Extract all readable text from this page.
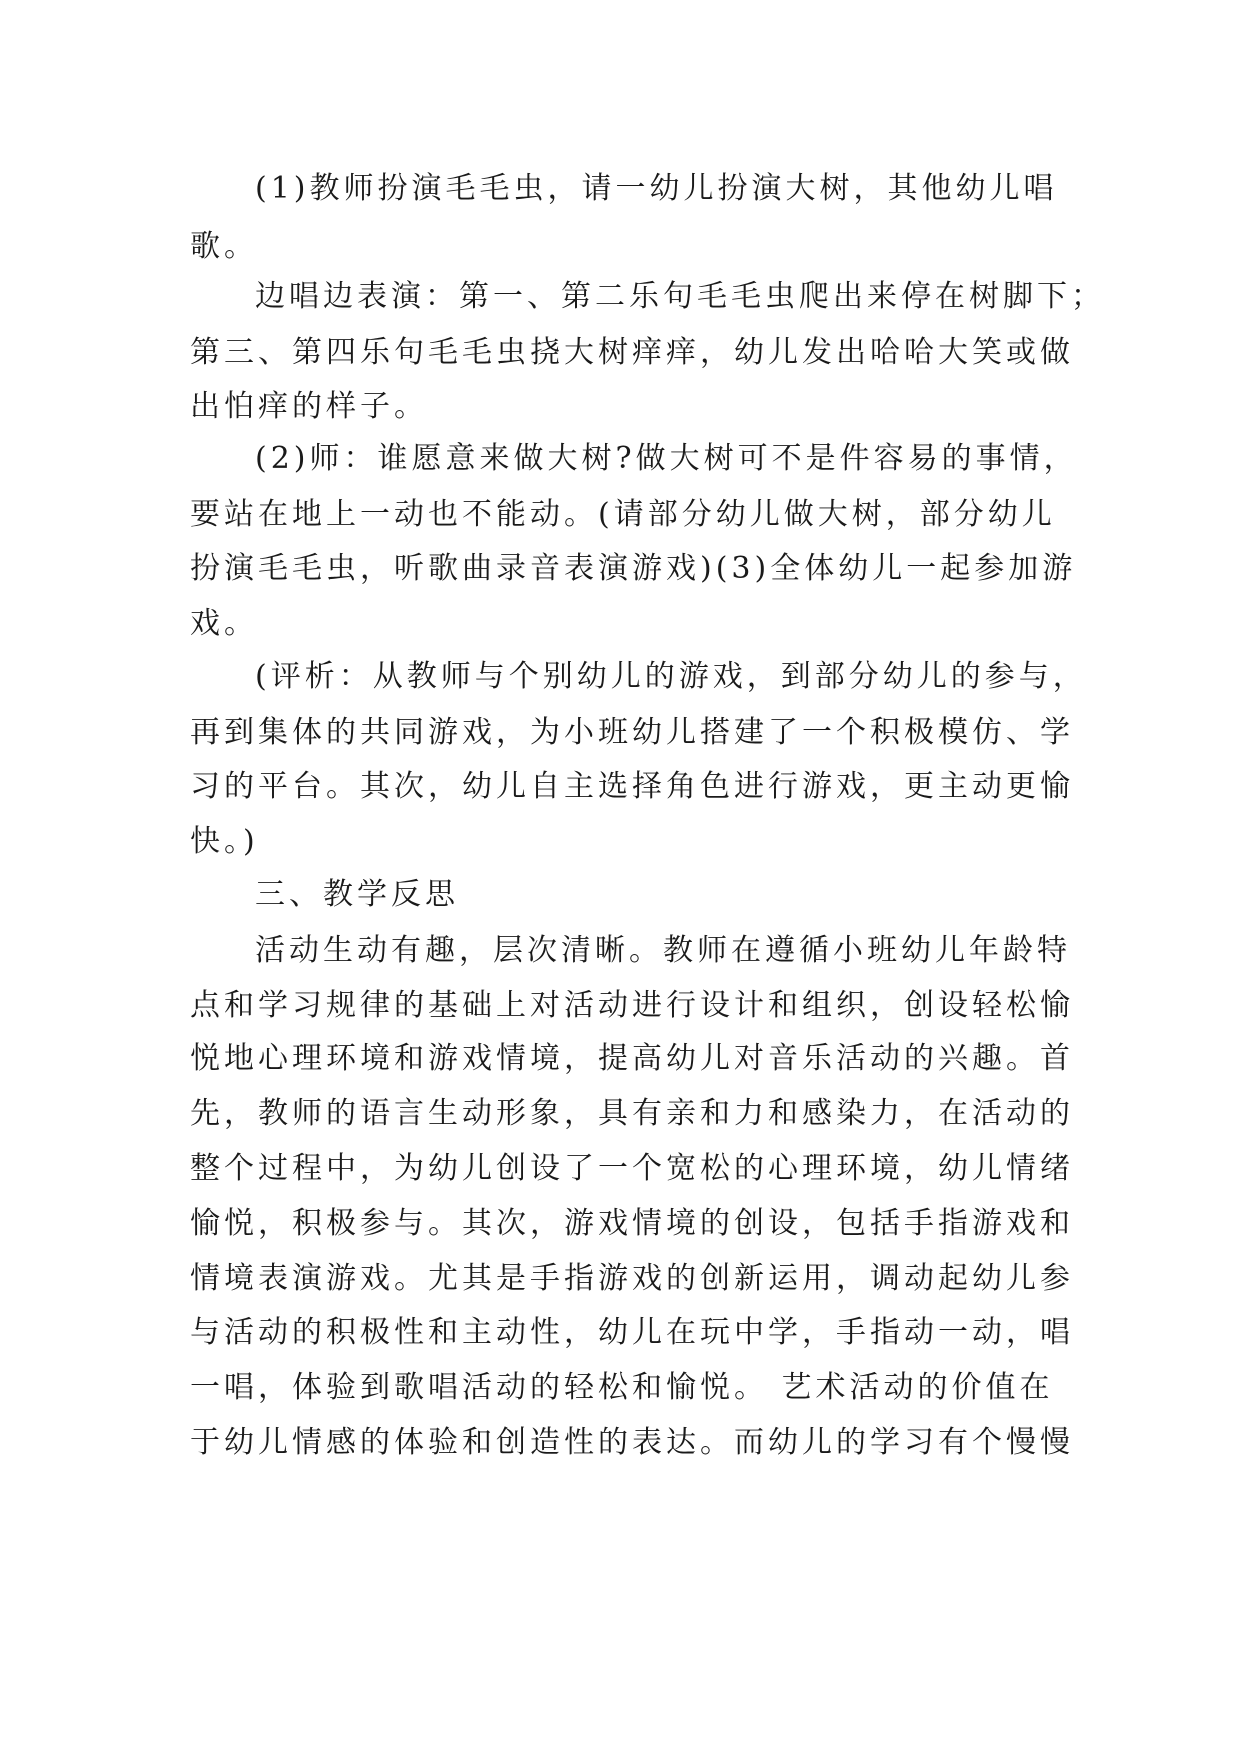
(1)教师扮演毛毛虫，请一幼儿扮演大树，其他幼儿唱
歌。
边唱边表演：第一、第二乐句毛毛虫爬出来停在树脚下；
第三、第四乐句毛毛虫挠大树痒痒，幼儿发出哈哈大笑或做
出怕痒的样子。
(2)师：谁愿意来做大树?做大树可不是件容易的事情，
要站在地上一动也不能动。(请部分幼儿做大树，部分幼儿
扮演毛毛虫，听歌曲录音表演游戏)(3)全体幼儿一起参加游
戏。
(评析：从教师与个别幼儿的游戏，到部分幼儿的参与，
再到集体的共同游戏，为小班幼儿搭建了一个积极模仿、学
习的平台。其次，幼儿自主选择角色进行游戏，更主动更愉
快。)
三、教学反思
活动生动有趣，层次清晰。教师在遵循小班幼儿年龄特
点和学习规律的基础上对活动进行设计和组织，创设轻松愉
悦地心理环境和游戏情境，提高幼儿对音乐活动的兴趣。首
先，教师的语言生动形象，具有亲和力和感染力，在活动的
整个过程中，为幼儿创设了一个宽松的心理环境，幼儿情绪
愉悦，积极参与。其次，游戏情境的创设，包括手指游戏和
情境表演游戏。尤其是手指游戏的创新运用，调动起幼儿参
与活动的积极性和主动性，幼儿在玩中学，手指动一动，唱
一唱，体验到歌唱活动的轻松和愉悦。 艺术活动的价值在
于幼儿情感的体验和创造性的表达。而幼儿的学习有个慢慢
